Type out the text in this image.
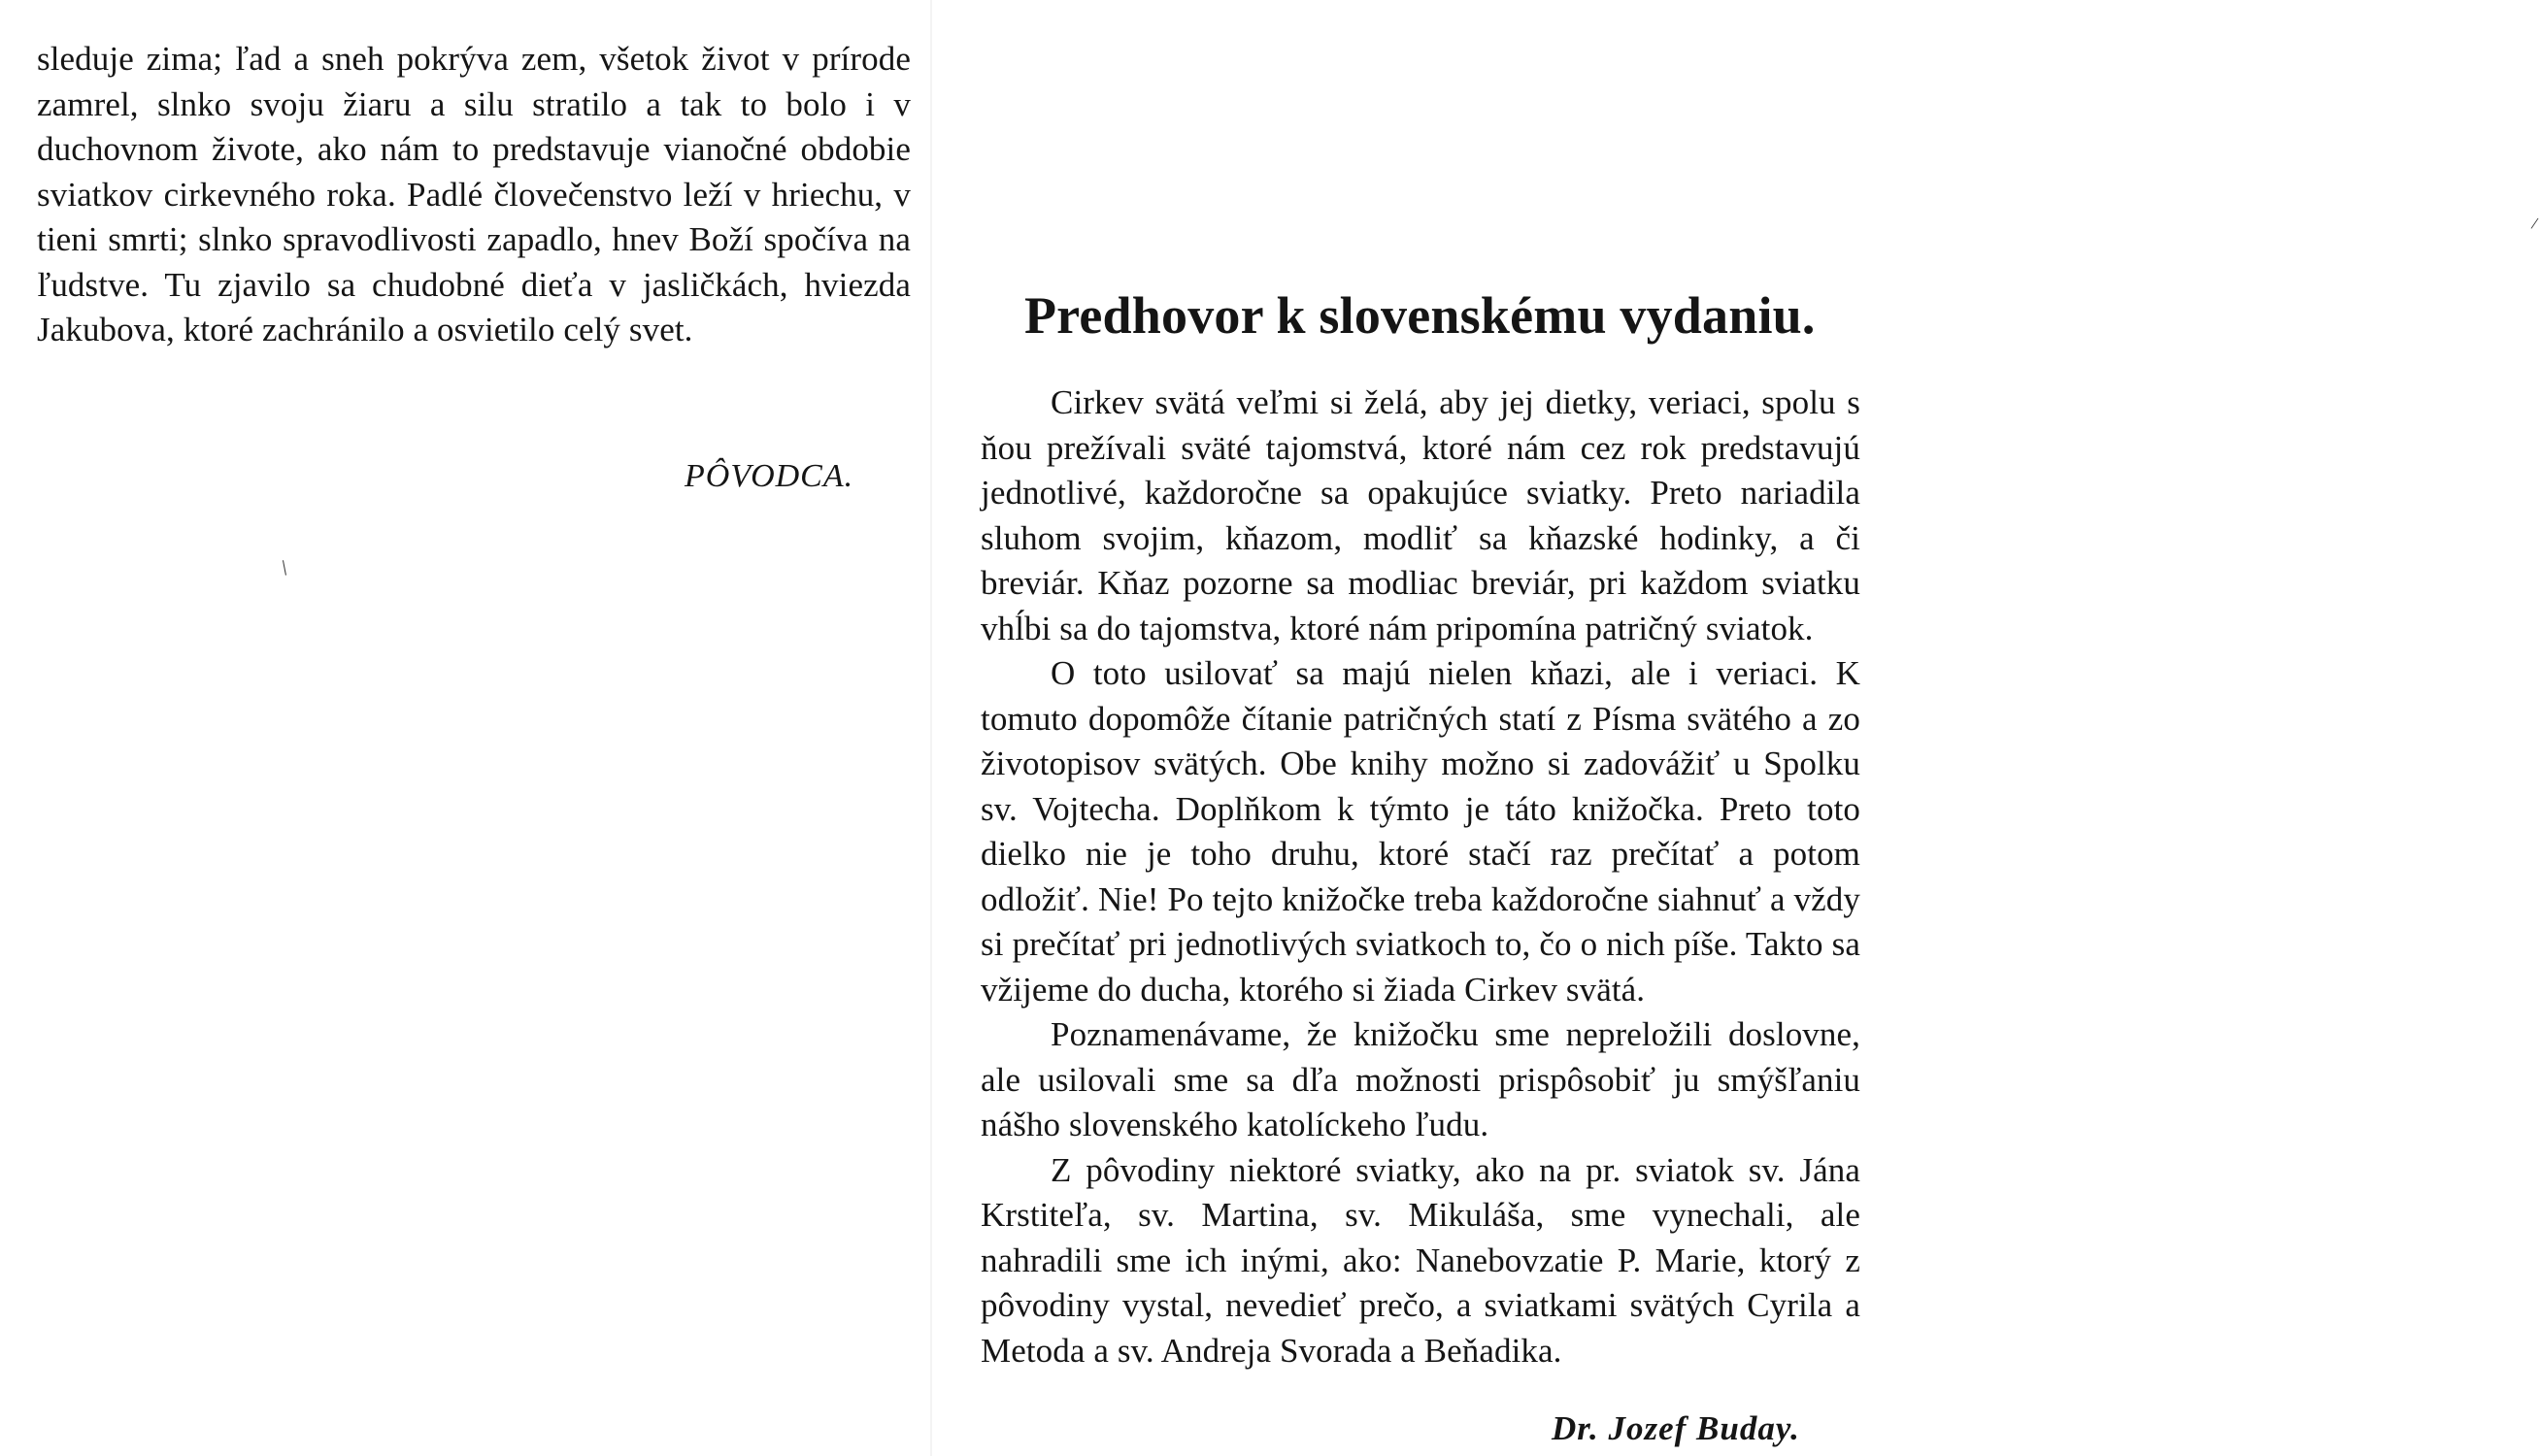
sleduje zima; ľad a sneh pokrýva zem, všetok život v prírode zamrel, slnko svoju žiaru a silu stratilo a tak to bolo i v duchovnom živote, ako nám to predstavuje vianočné obdobie sviatkov cirkevného roka. Padlé človečenstvo leží v hriechu, v tieni smrti; slnko spravodlivosti zapadlo, hnev Boží spočíva na ľudstve. Tu zjavilo sa chudobné dieťa v jasličkách, hviezda Jakubova, ktoré zachránilo a osvietilo celý svet.

PÔVODCA.
/
/
Predhovor k slovenskému vydaniu.

Cirkev svätá veľmi si želá, aby jej dietky, veriaci, spolu s ňou prežívali sväté tajomstvá, ktoré nám cez rok predstavujú jednotlivé, každoročne sa opakujúce sviatky. Preto nariadila sluhom svojim, kňazom, modliť sa kňazské hodinky, a či breviár. Kňaz pozorne sa modliac breviár, pri každom sviatku vhĺbi sa do tajomstva, ktoré nám pripomína patričný sviatok.

O toto usilovať sa majú nielen kňazi, ale i veriaci. K tomuto dopomôže čítanie patričných statí z Písma svätého a zo životopisov svätých. Obe knihy možno si zadovážiť u Spolku sv. Vojtecha. Doplňkom k týmto je táto knižočka. Preto toto dielko nie je toho druhu, ktoré stačí raz prečítať a potom odložiť. Nie! Po tejto knižočke treba každoročne siahnuť a vždy si prečítať pri jednotlivých sviatkoch to, čo o nich píše. Takto sa vžijeme do ducha, ktorého si žiada Cirkev svätá.

Poznamenávame, že knižočku sme nepreložili doslovne, ale usilovali sme sa dľa možnosti prispôsobiť ju smýšľaniu nášho slovenského katolíckeho ľudu.

Z pôvodiny niektoré sviatky, ako na pr. sviatok sv. Jána Krstiteľa, sv. Martina, sv. Mikuláša, sme vynechali, ale nahradili sme ich inými, ako: Nanebovzatie P. Marie, ktorý z pôvodiny vystal, nevedieť prečo, a sviatkami svätých Cyrila a Metoda a sv. Andreja Svorada a Beňadika.

Dr. Jozef Buday.
